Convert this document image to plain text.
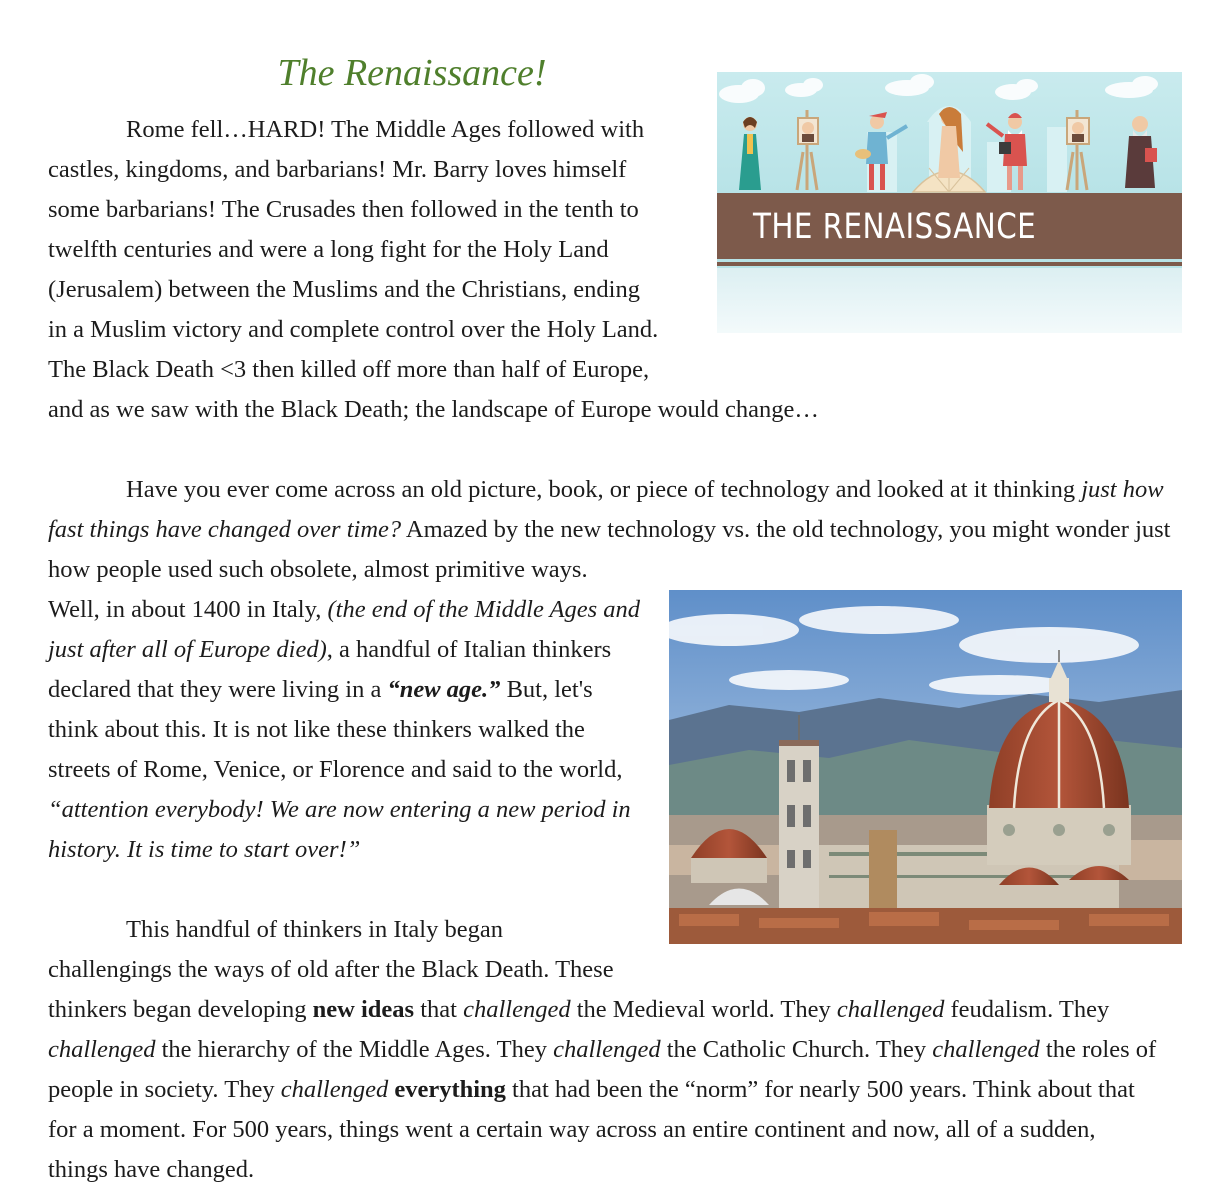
The Renaissance!
THE RENAISSANCE
Rome fell…HARD! The Middle Ages followed with
castles, kingdoms, and barbarians! Mr. Barry loves himself
some barbarians! The Crusades then followed in the tenth to
twelfth centuries and were a long fight for the Holy Land
(Jerusalem) between the Muslims and the Christians, ending
in a Muslim victory and complete control over the Holy Land.
The Black Death <3 then killed off more than half of Europe,
and as we saw with the Black Death; the landscape of Europe would change…
Have you ever come across an old picture, book, or piece of technology and looked at it thinking just how
fast things have changed over time? Amazed by the new technology vs. the old technology, you might wonder just
how people used such obsolete, almost primitive ways.
Well, in about 1400 in Italy, (the end of the Middle Ages and
just after all of Europe died), a handful of Italian thinkers
declared that they were living in a “new age.” But, let's
think about this. It is not like these thinkers walked the
streets of Rome, Venice, or Florence and said to the world,
“attention everybody! We are now entering a new period in
history. It is time to start over!”
This handful of thinkers in Italy began
challengings the ways of old after the Black Death. These
thinkers began developing new ideas that challenged the Medieval world. They challenged feudalism. They
challenged the hierarchy of the Middle Ages. They challenged the Catholic Church. They challenged the roles of
people in society. They challenged everything that had been the “norm” for nearly 500 years. Think about that
for a moment. For 500 years, things went a certain way across an entire continent and now, all of a sudden,
things have changed.
